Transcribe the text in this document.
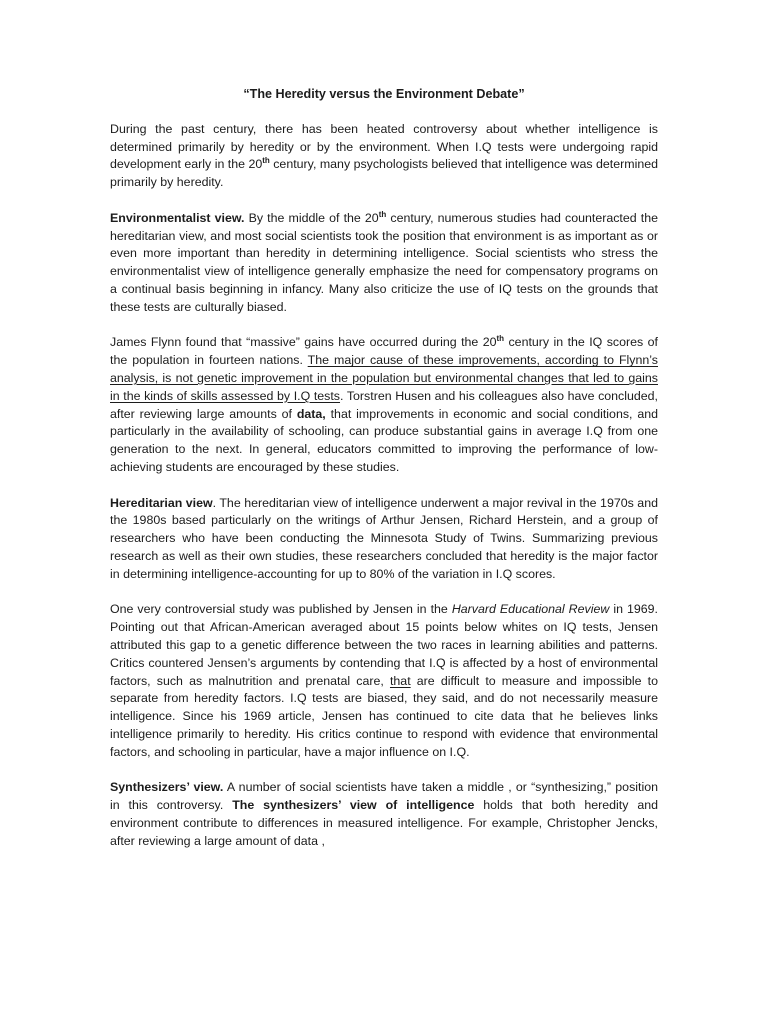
“The Heredity versus the Environment Debate”

During the past century, there has been heated controversy about whether intelligence is determined primarily by heredity or by the environment. When I.Q tests were undergoing rapid development early in the 20th century, many psychologists believed that intelligence was determined primarily by heredity.

Environmentalist view. By the middle of the 20th century, numerous studies had counteracted the hereditarian view, and most social scientists took the position that environment is as important as or even more important than heredity in determining intelligence. Social scientists who stress the environmentalist view of intelligence generally emphasize the need for compensatory programs on a continual basis beginning in infancy. Many also criticize the use of IQ tests on the grounds that these tests are culturally biased.

James Flynn found that “massive” gains have occurred during the 20th century in the IQ scores of the population in fourteen nations. The major cause of these improvements, according to Flynn’s analysis, is not genetic improvement in the population but environmental changes that led to gains in the kinds of skills assessed by I.Q tests. Torstren Husen and his colleagues also have concluded, after reviewing large amounts of data, that improvements in economic and social conditions, and particularly in the availability of schooling, can produce substantial gains in average I.Q from one generation to the next. In general, educators committed to improving the performance of low-achieving students are encouraged by these studies.

Hereditarian view. The hereditarian view of intelligence underwent a major revival in the 1970s and the 1980s based particularly on the writings of Arthur Jensen, Richard Herstein, and a group of researchers who have been conducting the Minnesota Study of Twins. Summarizing previous research as well as their own studies, these researchers concluded that heredity is the major factor in determining intelligence-accounting for up to 80% of the variation in I.Q scores.

One very controversial study was published by Jensen in the Harvard Educational Review in 1969. Pointing out that African-American averaged about 15 points below whites on IQ tests, Jensen attributed this gap to a genetic difference between the two races in learning abilities and patterns. Critics countered Jensen’s arguments by contending that I.Q is affected by a host of environmental factors, such as malnutrition and prenatal care, that are difficult to measure and impossible to separate from heredity factors. I.Q tests are biased, they said, and do not necessarily measure intelligence. Since his 1969 article, Jensen has continued to cite data that he believes links intelligence primarily to heredity. His critics continue to respond with evidence that environmental factors, and schooling in particular, have a major influence on I.Q.

Synthesizers’ view. A number of social scientists have taken a middle , or “synthesizing,” position in this controversy. The synthesizers’ view of intelligence holds that both heredity and environment contribute to differences in measured intelligence. For example, Christopher Jencks, after reviewing a large amount of data ,
